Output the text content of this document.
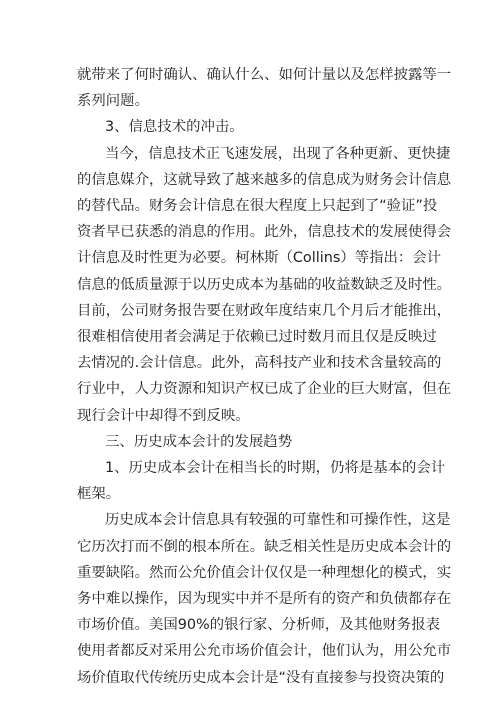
就带来了何时确认、确认什么、如何计量以及怎样披露等一
系列问题。
3、信息技术的冲击。
当今，信息技术正飞速发展，出现了各种更新、更快捷
的信息媒介，这就导致了越来越多的信息成为财务会计信息
的替代品。财务会计信息在很大程度上只起到了“验证”投
资者早已获悉的消息的作用。此外，信息技术的发展使得会
计信息及时性更为必要。柯林斯（Collins）等指出：会计
信息的低质量源于以历史成本为基础的收益数缺乏及时性。
目前，公司财务报告要在财政年度结束几个月后才能推出，
很难相信使用者会满足于依赖已过时数月而且仅是反映过
去情况的.会计信息。此外，高科技产业和技术含量较高的
行业中，人力资源和知识产权已成了企业的巨大财富，但在
现行会计中却得不到反映。
三、历史成本会计的发展趋势
1、历史成本会计在相当长的时期，仍将是基本的会计
框架。
历史成本会计信息具有较强的可靠性和可操作性，这是
它历次打而不倒的根本所在。缺乏相关性是历史成本会计的
重要缺陷。然而公允价值会计仅仅是一种理想化的模式，实
务中难以操作，因为现实中并不是所有的资产和负债都存在
市场价值。美国90%的银行家、分析师，及其他财务报表
使用者都反对采用公允市场价值会计，他们认为，用公允市
场价值取代传统历史成本会计是“没有直接参与投资决策的
